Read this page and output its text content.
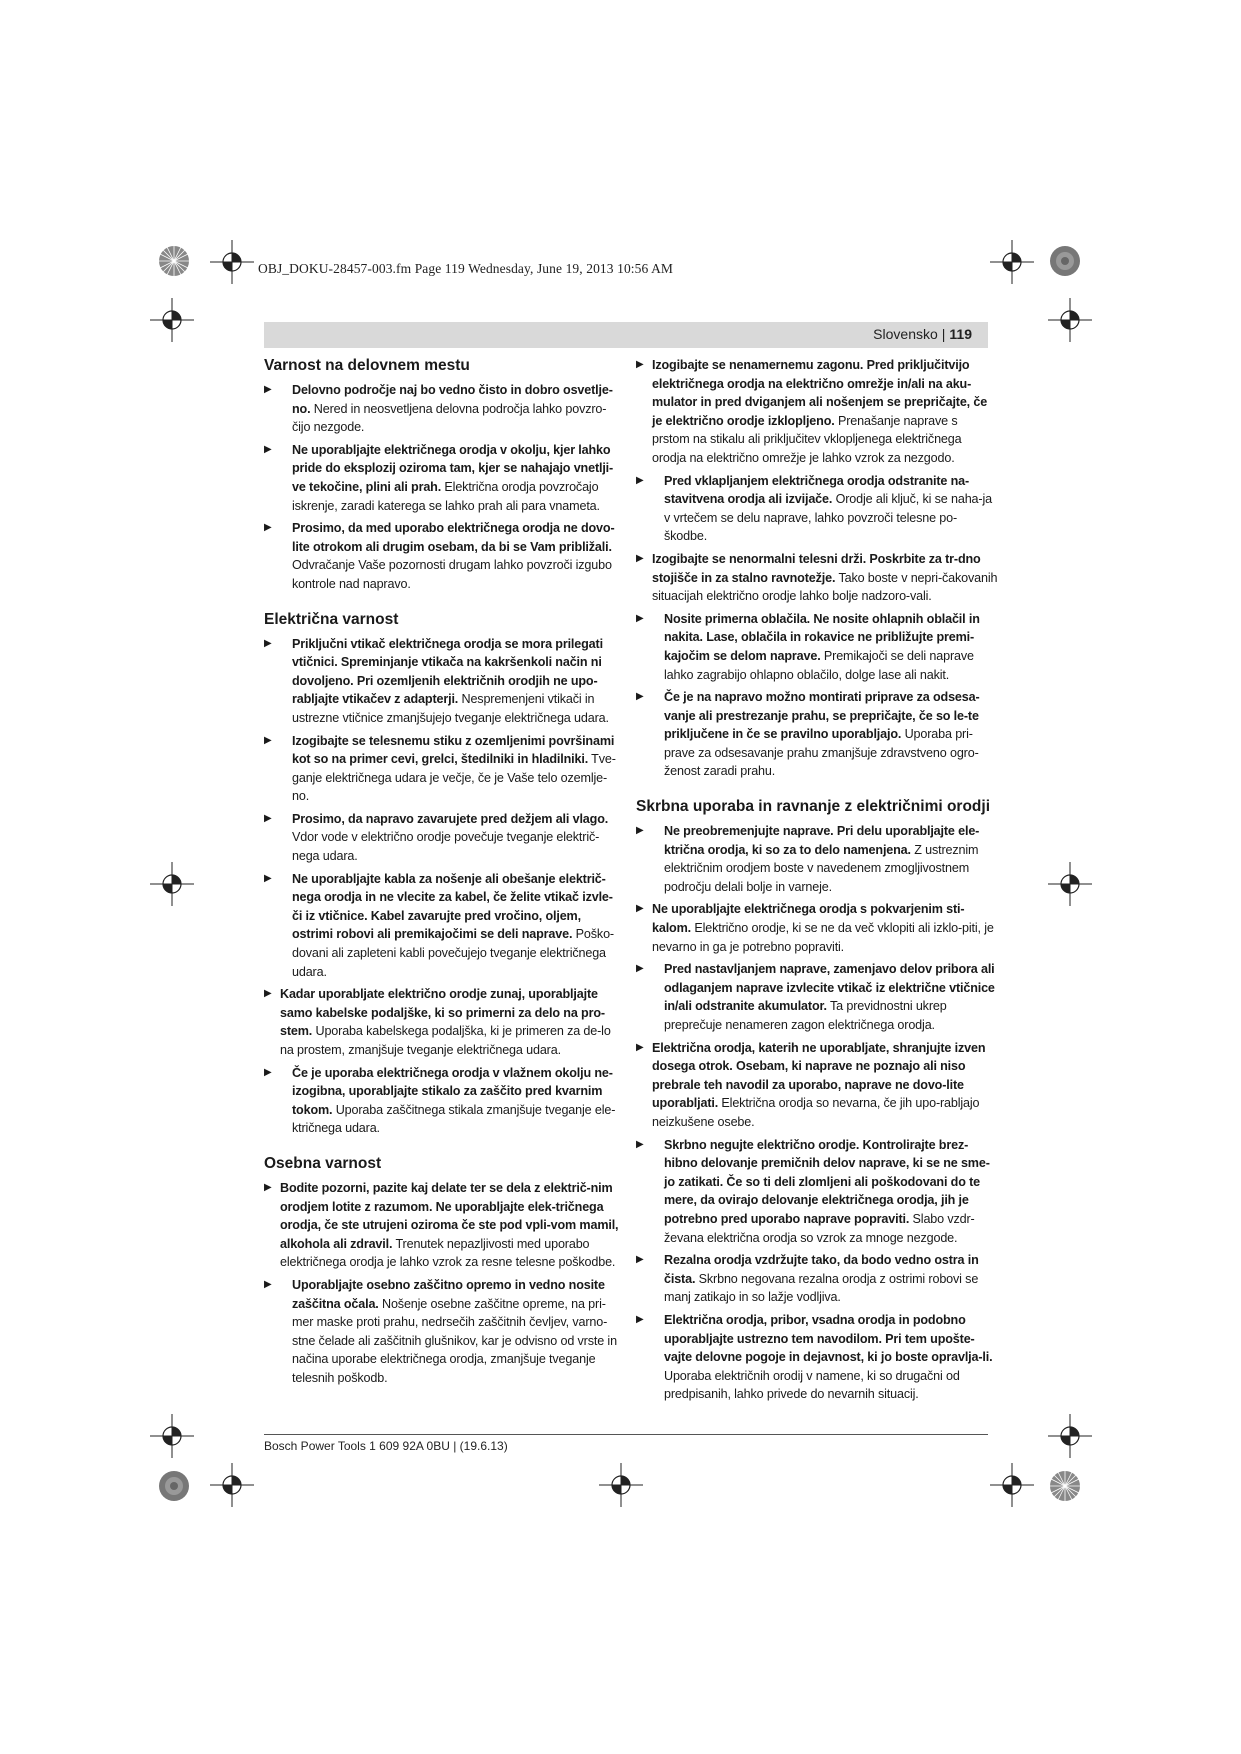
OBJ_DOKU-28457-003.fm Page 119 Wednesday, June 19, 2013 10:56 AM
Slovensko | 119
Varnost na delovnem mestu
▶ Delovno področje naj bo vedno čisto in dobro osvetlje-no. Nered in neosvetljena delovna področja lahko povzro-čijo nezgode.
▶ Ne uporabljajte električnega orodja v okolju, kjer lahko pride do eksplozij oziroma tam, kjer se nahajajo vnetlji-ve tekočine, plini ali prah. Električna orodja povzročajo iskrenje, zaradi katerega se lahko prah ali para vnameta.
▶ Prosimo, da med uporabo električnega orodja ne dovo-lite otrokom ali drugim osebam, da bi se Vam približali. Odvračanje Vaše pozornosti drugam lahko povzroči izgubo kontrole nad napravo.
Električna varnost
▶ Priključni vtikač električnega orodja se mora prilegati vtičnici. Spreminjanje vtikača na kakršenkoli način ni dovoljeno. Pri ozemljenih električnih orodjih ne upo-rabljajte vtikačev z adapterji. Nespremenjeni vtikači in ustrezne vtičnice zmanjšujejo tveganje električnega udara.
▶ Izogibajte se telesnemu stiku z ozemljenimi površinami kot so na primer cevi, grelci, štedilniki in hladilniki. Tve-ganje električnega udara je večje, če je Vaše telo ozemlje-no.
▶ Prosimo, da napravo zavarujete pred dežjem ali vlago. Vdor vode v električno orodje povečuje tveganje električ-nega udara.
▶ Ne uporabljajte kabla za nošenje ali obešanje električ-nega orodja in ne vlecite za kabel, če želite vtikač izvle-či iz vtičnice. Kabel zavarujte pred vročino, oljem, ostrimi robovi ali premikajočimi se deli naprave. Poško-dovani ali zapleteni kabli povečujejo tveganje električnega udara.
▶ Kadar uporabljate električno orodje zunaj, uporabljajte samo kabelske podaljške, ki so primerni za delo na pro-stem. Uporaba kabelskega podaljška, ki je primeren za de-lo na prostem, zmanjšuje tveganje električnega udara.
▶ Če je uporaba električnega orodja v vlažnem okolju ne-izogibna, uporabljajte stikalo za zaščito pred kvarnim tokom. Uporaba zaščitnega stikala zmanjšuje tveganje ele-ktričnega udara.
Osebna varnost
▶ Bodite pozorni, pazite kaj delate ter se dela z električ-nim orodjem lotite z razumom. Ne uporabljajte elek-tričnega orodja, če ste utrujeni oziroma če ste pod vpli-vom mamil, alkohola ali zdravil. Trenutek nepazljivosti med uporabo električnega orodja je lahko vzrok za resne telesne poškodbe.
▶ Uporabljajte osebno zaščitno opremo in vedno nosite zaščitna očala. Nošenje osebne zaščitne opreme, na pri-mer maske proti prahu, nedrsečih zaščitnih čevljev, varno-stne čelade ali zaščitnih glušnikov, kar je odvisno od vrste in načina uporabe električnega orodja, zmanjšuje tveganje telesnih poškodb.
▶ Izogibajte se nenamernemu zagonu. Pred priključitvijo električnega orodja na električno omrežje in/ali na aku-mulator in pred dviganjem ali nošenjem se prepričajte, če je električno orodje izklopljeno. Prenašanje naprave s prstom na stikalu ali priključitev vklopljenega električnega orodja na električno omrežje je lahko vzrok za nezgodo.
▶ Pred vklapljanjem električnega orodja odstranite na-stavitvena orodja ali izvijače. Orodje ali ključ, ki se naha-ja v vrtečem se delu naprave, lahko povzroči telesne po-škodbe.
▶ Izogibajte se nenormalni telesni drži. Poskrbite za tr-dno stojišče in za stalno ravnotežje. Tako boste v nepri-čakovanih situacijah električno orodje lahko bolje nadzoro-vali.
▶ Nosite primerna oblačila. Ne nosite ohlapnih oblačil in nakita. Lase, oblačila in rokavice ne približujte premi-kajočim se delom naprave. Premikajoči se deli naprave lahko zagrabijo ohlapno oblačilo, dolge lase ali nakit.
▶ Če je na napravo možno montirati priprave za odsesa-vanje ali prestrezanje prahu, se prepričajte, če so le-te priključene in če se pravilno uporabljajo. Uporaba pri-prave za odsesavanje prahu zmanjšuje zdravstveno ogro-ženost zaradi prahu.
Skrbna uporaba in ravnanje z električnimi orodji
▶ Ne preobremenjujte naprave. Pri delu uporabljajte ele-ktrična orodja, ki so za to delo namenjena. Z ustreznim električnim orodjem boste v navedenem zmogljivostnem področju delali bolje in varneje.
▶ Ne uporabljajte električnega orodja s pokvarjenim sti-kalom. Električno orodje, ki se ne da več vklopiti ali izklo-piti, je nevarno in ga je potrebno popraviti.
▶ Pred nastavljanjem naprave, zamenjavo delov pribora ali odlaganjem naprave izvlecite vtikač iz električne vtičnice in/ali odstranite akumulator. Ta previdnostni ukrep preprečuje nenameren zagon električnega orodja.
▶ Električna orodja, katerih ne uporabljate, shranjujte izven dosega otrok. Osebam, ki naprave ne poznajo ali niso prebrale teh navodil za uporabo, naprave ne dovo-lite uporabljati. Električna orodja so nevarna, če jih upo-rabljajo neizkušene osebe.
▶ Skrbno negujte električno orodje. Kontrolirajte brez-hibno delovanje premičnih delov naprave, ki se ne sme-jo zatikati. Če so ti deli zlomljeni ali poškodovani do te mere, da ovirajo delovanje električnega orodja, jih je potrebno pred uporabo naprave popraviti. Slabo vzdr-ževana električna orodja so vzrok za mnoge nezgode.
▶ Rezalna orodja vzdržujte tako, da bodo vedno ostra in čista. Skrbno negovana rezalna orodja z ostrimi robovi se manj zatikajo in so lažje vodljiva.
▶ Električna orodja, pribor, vsadna orodja in podobno uporabljajte ustrezno tem navodilom. Pri tem upošte-vajte delovne pogoje in dejavnost, ki jo boste opravlja-li. Uporaba električnih orodij v namene, ki so drugačni od predpisanih, lahko privede do nevarnih situacij.
Bosch Power Tools 1 609 92A 0BU | (19.6.13)
